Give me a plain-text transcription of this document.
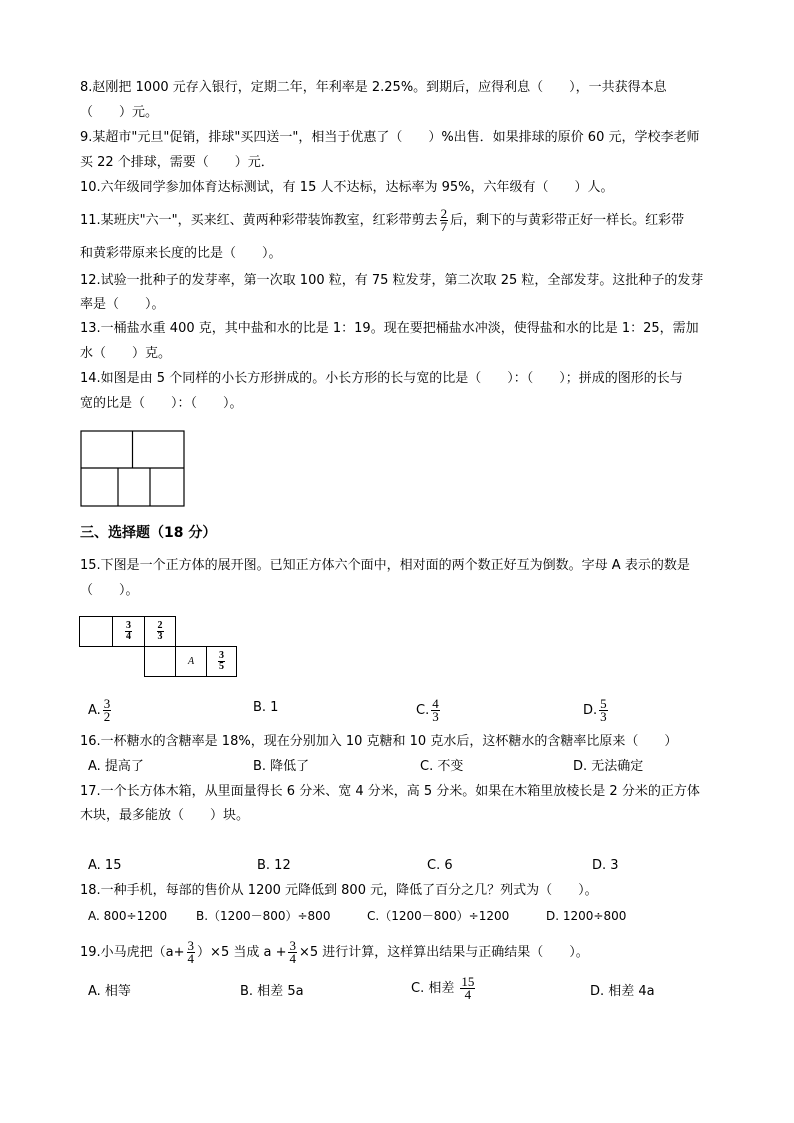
8.赵刚把 1000 元存入银行，定期二年，年利率是 2.25%。到期后，应得利息（　　），一共获得本息
（　　）元。
9.某超市"元旦"促销，排球"买四送一"，相当于优惠了（　　）%出售．如果排球的原价 60 元，学校李老师
买 22 个排球，需要（　　）元．
10.六年级同学参加体育达标测试，有 15 人不达标，达标率为 95%，六年级有（　　）人。
11.某班庆"六一"，买来红、黄两种彩带装饰教室，红彩带剪去 $\frac{2}{7}$ 后，剩下的与黄彩带正好一样长。红彩带
和黄彩带原来长度的比是（　　）。
12.试验一批种子的发芽率，第一次取 100 粒，有 75 粒发芽，第二次取 25 粒，全部发芽。这批种子的发芽
率是（　　）。
13.一桶盐水重 400 克，其中盐和水的比是 1：19。现在要把桶盐水冲淡，使得盐和水的比是 1：25，需加
水（　　）克。
14.如图是由 5 个同样的小长方形拼成的。小长方形的长与宽的比是（　　）：（　　）；拼成的图形的长与
宽的比是（　　）：（　　）。
三、选择题（18 分）
15.下图是一个正方体的展开图。已知正方体六个面中，相对面的两个数正好互为倒数。字母 A 表示的数是
（　　）。
$\frac{3}{4} \frac{2}{3}$
A $\frac{3}{5}$
A. $\frac{3}{2}$	B. 1	C. $\frac{4}{3}$	D. $\frac{5}{3}$
16.一杯糖水的含糖率是 18%，现在分别加入 10 克糖和 10 克水后，这杯糖水的含糖率比原来（　　）
A. 提高了	B. 降低了	C. 不变	D. 无法确定
17.一个长方体木箱，从里面量得长 6 分米、宽 4 分米，高 5 分米。如果在木箱里放棱长是 2 分米的正方体
木块，最多能放（　　）块。
A. 15	B. 12	C. 6	D. 3
18.一种手机，每部的售价从 1200 元降低到 800 元，降低了百分之几？列式为（　　）。
A. 800÷1200 B.（1200－800）÷800	C.（1200－800）÷1200	D. 1200÷800
19.小马虎把$(a+ \frac{3}{4} )\times 5$ 当成 $a + \frac{3}{4} \times 5$ 进行计算，这样算出结果与正确结果（　　）。
A. 相等	B. 相差 5a	C. 相差 $\frac{15}{4}$	D. 相差 4a
